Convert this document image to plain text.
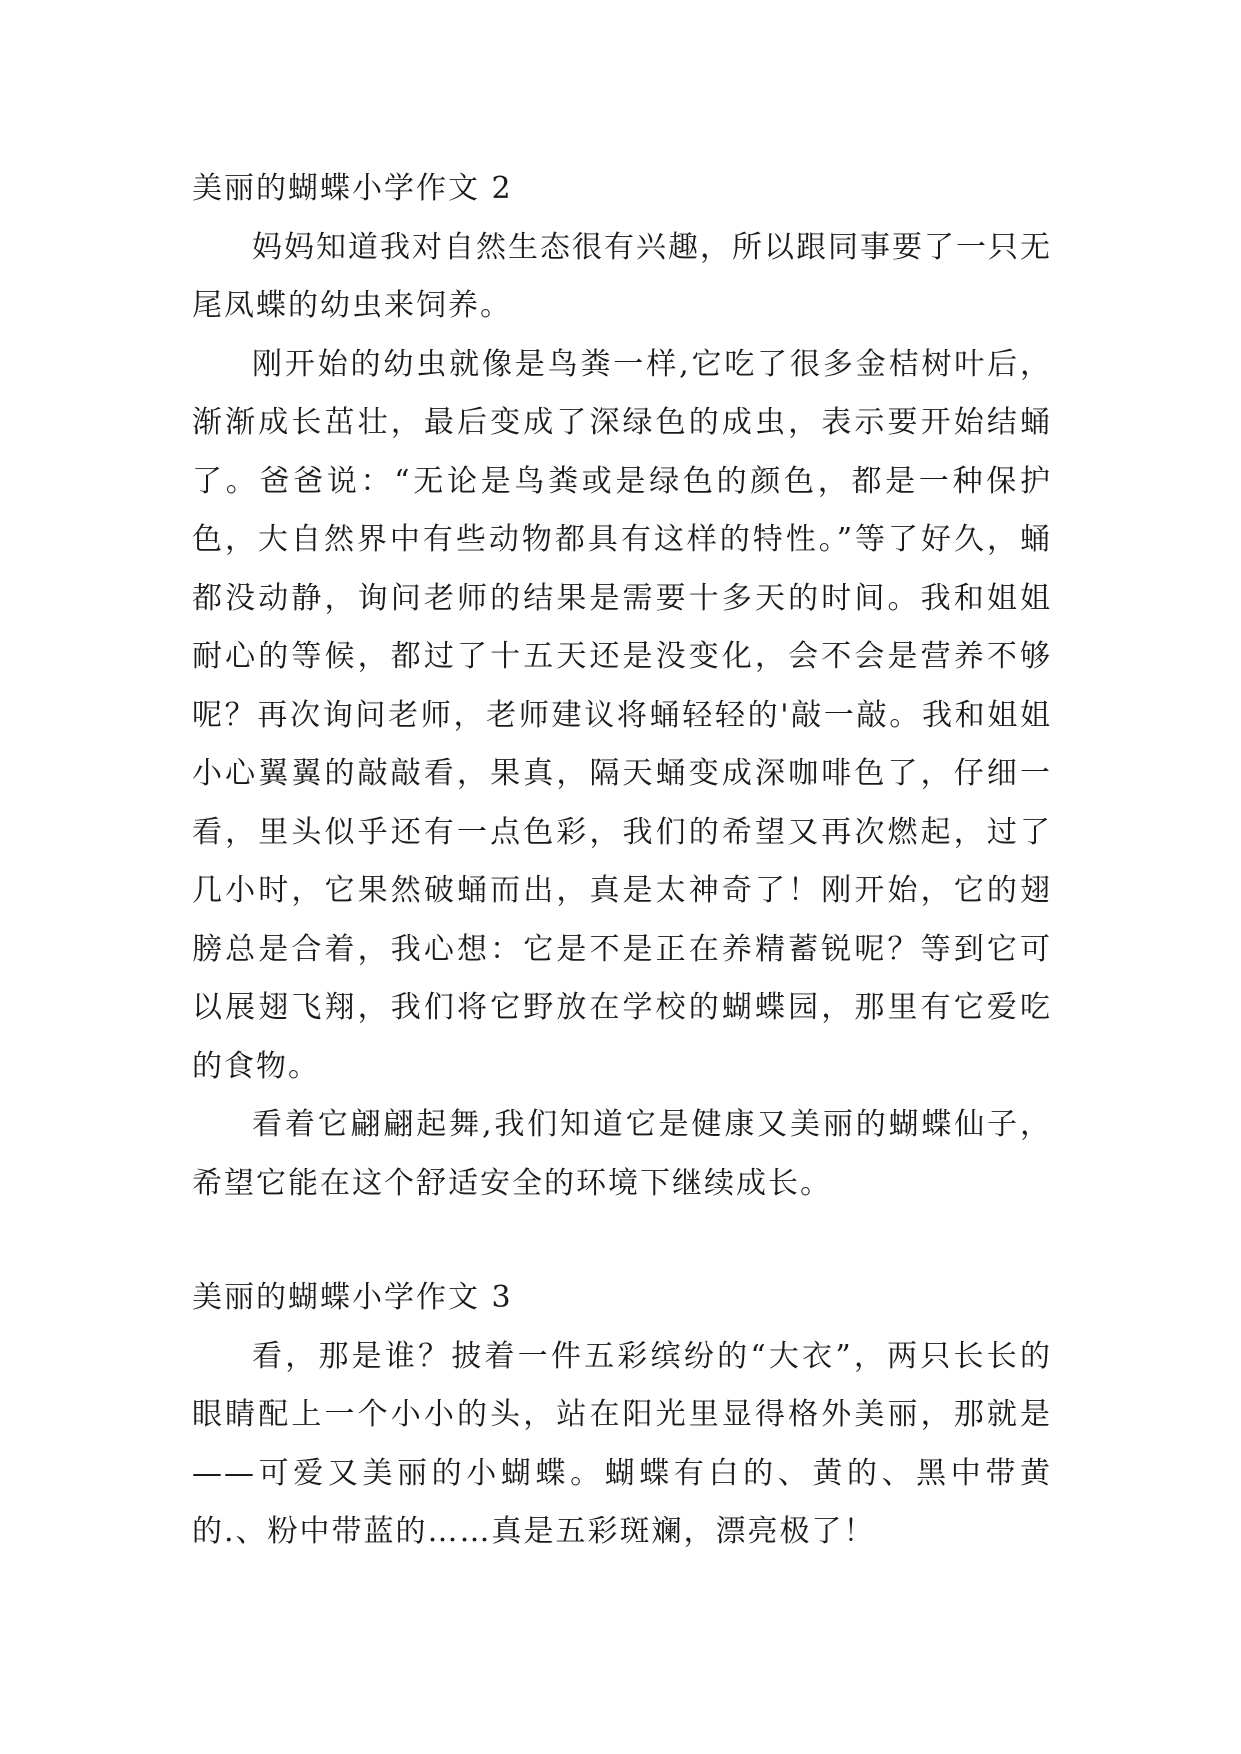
美丽的蝴蝶小学作文 2

妈妈知道我对自然生态很有兴趣，所以跟同事要了一只无尾凤蝶的幼虫来饲养。

刚开始的幼虫就像是鸟粪一样,它吃了很多金桔树叶后，渐渐成长茁壮，最后变成了深绿色的成虫，表示要开始结蛹了。爸爸说：“无论是鸟粪或是绿色的颜色，都是一种保护色，大自然界中有些动物都具有这样的特性。”等了好久，蛹都没动静，询问老师的结果是需要十多天的时间。我和姐姐耐心的等候，都过了十五天还是没变化，会不会是营养不够呢？再次询问老师，老师建议将蛹轻轻的'敲一敲。我和姐姐小心翼翼的敲敲看，果真，隔天蛹变成深咖啡色了，仔细一看，里头似乎还有一点色彩，我们的希望又再次燃起，过了几小时，它果然破蛹而出，真是太神奇了！刚开始，它的翅膀总是合着，我心想：它是不是正在养精蓄锐呢？等到它可以展翅飞翔，我们将它野放在学校的蝴蝶园，那里有它爱吃的食物。

看着它翩翩起舞,我们知道它是健康又美丽的蝴蝶仙子，希望它能在这个舒适安全的环境下继续成长。

美丽的蝴蝶小学作文 3

看，那是谁？披着一件五彩缤纷的“大衣”，两只长长的眼睛配上一个小小的头，站在阳光里显得格外美丽，那就是——可爱又美丽的小蝴蝶。蝴蝶有白的、黄的、黑中带黄的.、粉中带蓝的……真是五彩斑斓，漂亮极了！
